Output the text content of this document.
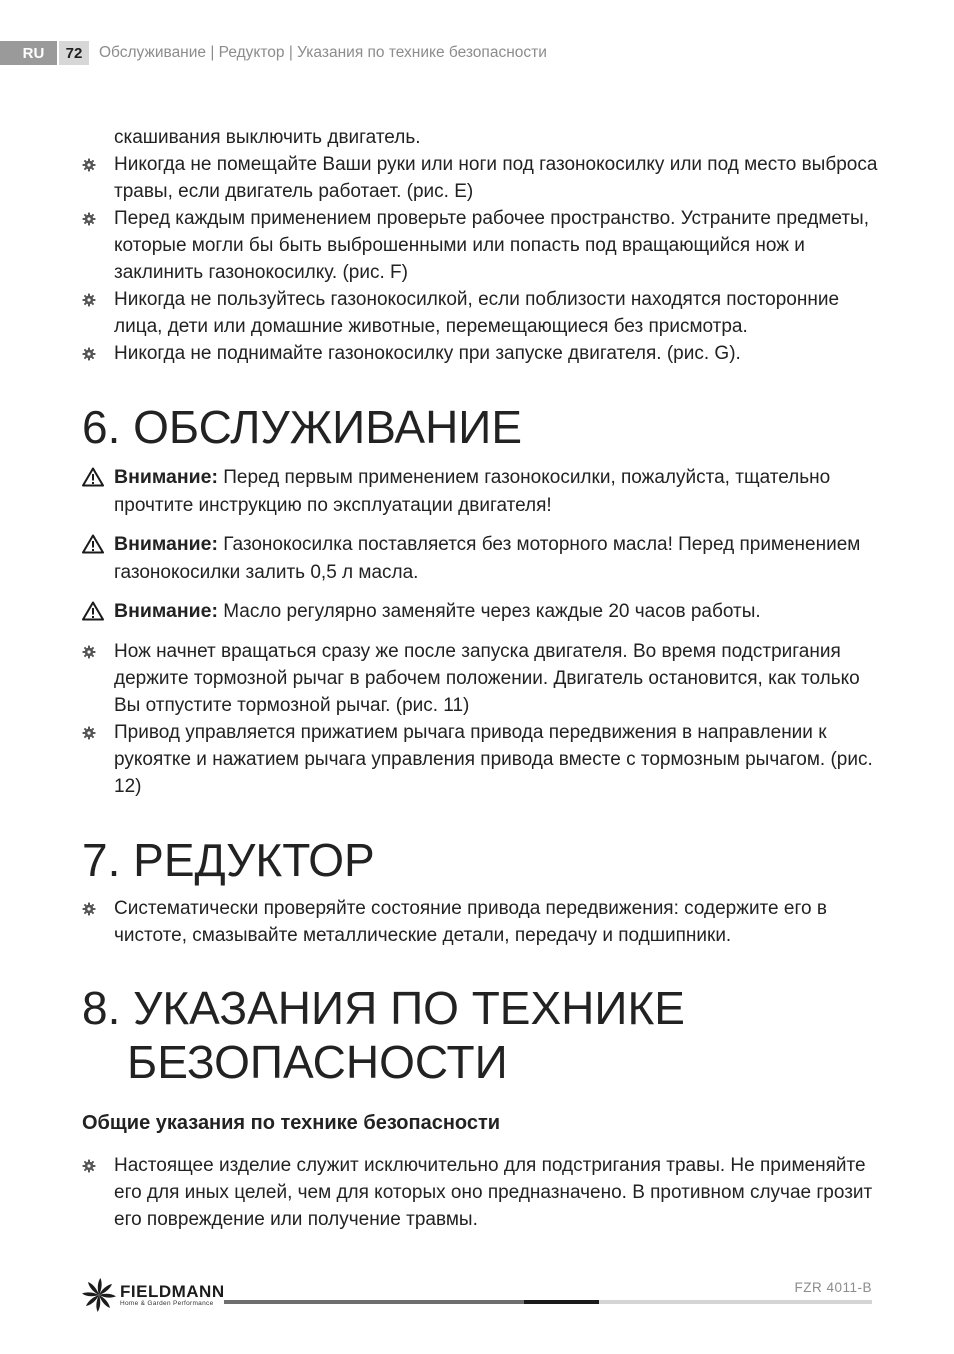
RU	72	Обслуживание | Редуктор | Указания по технике безопасности
скашивания выключить двигатель.
Никогда не помещайте Ваши руки или ноги под газонокосилку или под место выброса травы, если двигатель работает. (рис. E)
Перед каждым применением проверьте рабочее пространство. Устраните предметы, которые могли бы быть выброшенными или попасть под вращающийся нож и заклинить газонокосилку. (рис. F)
Никогда не пользуйтесь газонокосилкой, если поблизости находятся посторонние лица, дети или домашние животные, перемещающиеся без присмотра.
Никогда не поднимайте газонокосилку при запуске двигателя. (рис. G).
6. ОБСЛУЖИВАНИЕ
Внимание: Перед первым применением газонокосилки, пожалуйста, тщательно прочтите инструкцию по эксплуатации двигателя!
Внимание: Газонокосилка поставляется без моторного масла! Перед применением газонокосилки залить 0,5 л масла.
Внимание: Масло регулярно заменяйте через каждые 20 часов работы.
Нож начнет вращаться сразу же после запуска двигателя. Во время подстригания держите тормозной рычаг в рабочем положении. Двигатель остановится, как только Вы отпустите тормозной рычаг. (рис. 11)
Привод управляется прижатием рычага привода передвижения в направлении к рукоятке и нажатием рычага управления привода вместе с тормозным рычагом. (рис. 12)
7. РЕДУКТОР
Систематически проверяйте состояние привода передвижения: содержите его в чистоте, смазывайте металлические детали, передачу и подшипники.
8. УКАЗАНИЯ ПО ТЕХНИКЕ
БЕЗОПАСНОСТИ
Общие указания по технике безопасности
Настоящее изделие служит исключительно для подстригания травы. Не применяйте его для иных целей, чем для которых оно предназначено. В противном случае грозит его повреждение или получение травмы.
FIELDMANN
Home & Garden Performance
FZR 4011-B
